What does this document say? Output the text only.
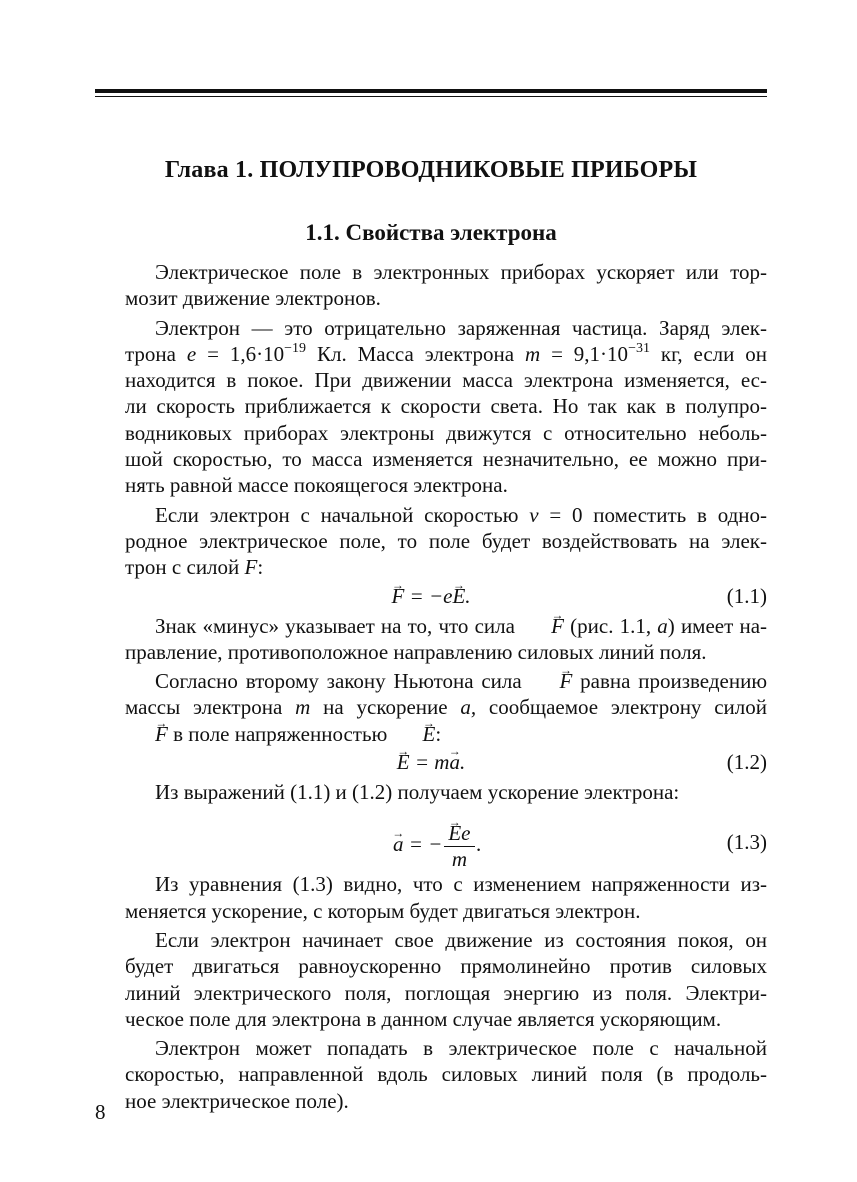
Глава 1. ПОЛУПРОВОДНИКОВЫЕ ПРИБОРЫ
1.1. Свойства электрона

Электрическое поле в электронных приборах ускоряет или тор-
мозит движение электронов.

Электрон — это отрицательно заряженная частица. Заряд элек-
трона $e = 1,6\cdot 10^{-19}$ Кл. Масса электрона $m = 9,1\cdot 10^{-31}$ кг, если он
находится в покое. При движении масса электрона изменяется, ес-
ли скорость приближается к скорости света. Но так как в полупро-
водниковых приборах электроны движутся с относительно неболь-
шой скоростью, то масса изменяется незначительно, ее можно при-
нять равной массе покоящегося электрона.

Если электрон с начальной скоростью v = 0 поместить в одно-
родное электрическое поле, то поле будет воздействовать на элек-
трон с силой F:

→ F = −e→ E.	(1.1)

Знак «минус» указывает на то, что сила → F (рис. 1.1, а) имеет на-
правление, противоположное направлению силовых линий поля.

Согласно второму закону Ньютона сила → F равна произведению
массы электрона m на ускорение a, сообщаемое электрону силой
→ F в поле напряженностью → E:

→ E = m→ a.	(1.2)

Из выражений (1.1) и (1.2) получаем ускорение электрона:

→ a = − → $\frac{Ee}{m}$ .	(1.3)

Из уравнения (1.3) видно, что с изменением напряженности из-
меняется ускорение, с которым будет двигаться электрон.

Если электрон начинает свое движение из состояния покоя, он
будет двигаться равноускоренно прямолинейно против силовых
линий электрического поля, поглощая энергию из поля. Электри-
ческое поле для электрона в данном случае является ускоряющим.

Электрон может попадать в электрическое поле с начальной
скоростью, направленной вдоль силовых линий поля (в продоль-
ное электрическое поле).

8
